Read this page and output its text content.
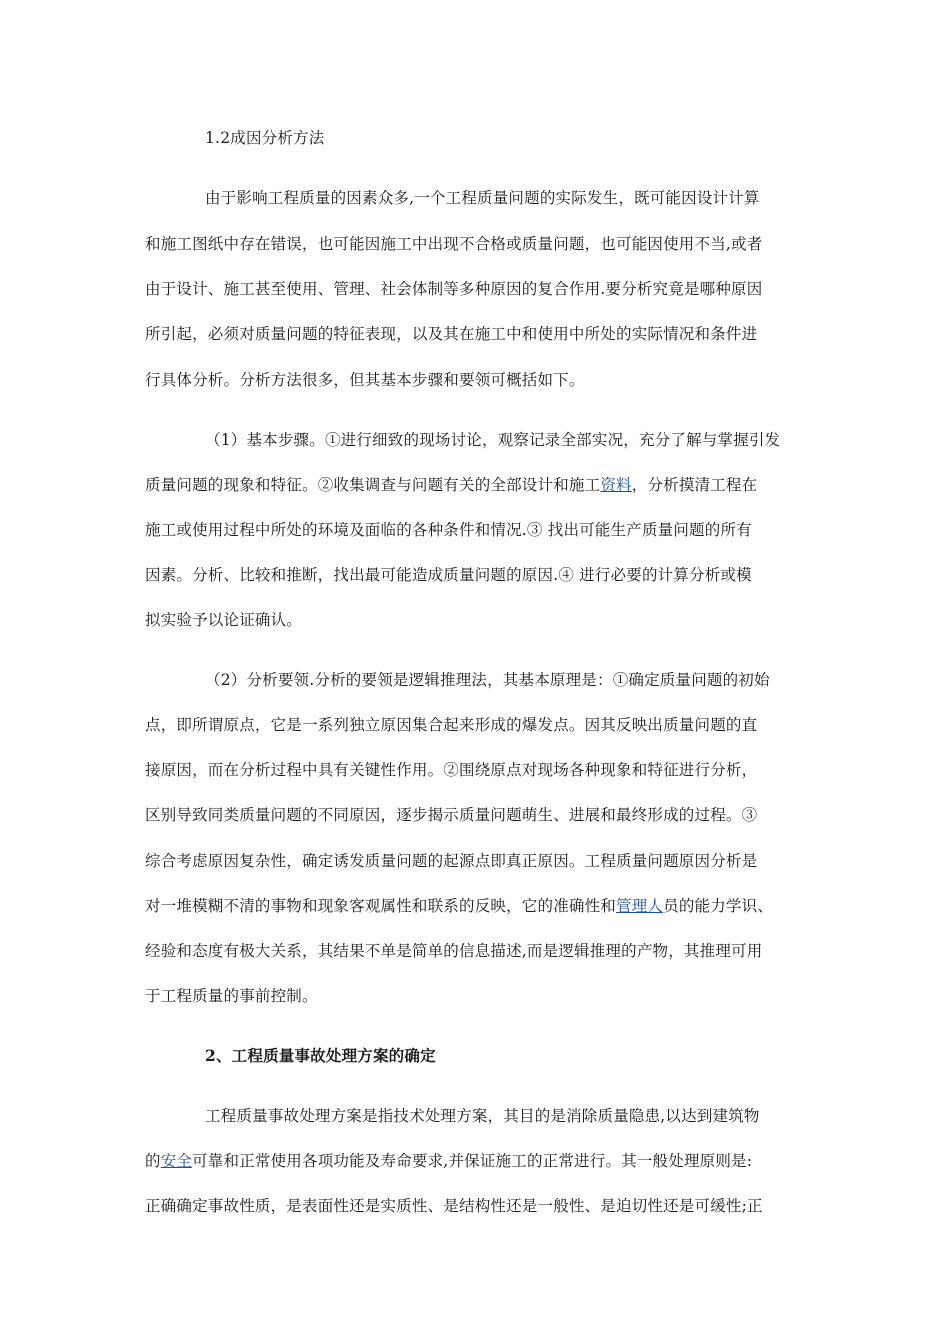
1.2成因分析方法
由于影响工程质量的因素众多,一个工程质量问题的实际发生，既可能因设计计算
和施工图纸中存在错误，也可能因施工中出现不合格或质量问题，也可能因使用不当,或者
由于设计、施工甚至使用、管理、社会体制等多种原因的复合作用.要分析究竟是哪种原因
所引起，必须对质量问题的特征表现，以及其在施工中和使用中所处的实际情况和条件进
行具体分析。分析方法很多，但其基本步骤和要领可概括如下。
（1）基本步骤。①进行细致的现场讨论，观察记录全部实况，充分了解与掌握引发
质量问题的现象和特征。②收集调查与问题有关的全部设计和施工资料，分析摸清工程在
施工或使用过程中所处的环境及面临的各种条件和情况.③ 找出可能生产质量问题的所有
因素。分析、比较和推断，找出最可能造成质量问题的原因.④ 进行必要的计算分析或模
拟实验予以论证确认。
（2）分析要领.分析的要领是逻辑推理法，其基本原理是：①确定质量问题的初始
点，即所谓原点，它是一系列独立原因集合起来形成的爆发点。因其反映出质量问题的直
接原因，而在分析过程中具有关键性作用。②围绕原点对现场各种现象和特征进行分析，
区别导致同类质量问题的不同原因，逐步揭示质量问题萌生、进展和最终形成的过程。③
综合考虑原因复杂性，确定诱发质量问题的起源点即真正原因。工程质量问题原因分析是
对一堆模糊不清的事物和现象客观属性和联系的反映，它的准确性和管理人员的能力学识、
经验和态度有极大关系，其结果不单是简单的信息描述,而是逻辑推理的产物，其推理可用
于工程质量的事前控制。
2、工程质量事故处理方案的确定
工程质量事故处理方案是指技术处理方案，其目的是消除质量隐患,以达到建筑物
的安全可靠和正常使用各项功能及寿命要求,并保证施工的正常进行。其一般处理原则是:
正确确定事故性质，是表面性还是实质性、是结构性还是一般性、是迫切性还是可缓性;正
